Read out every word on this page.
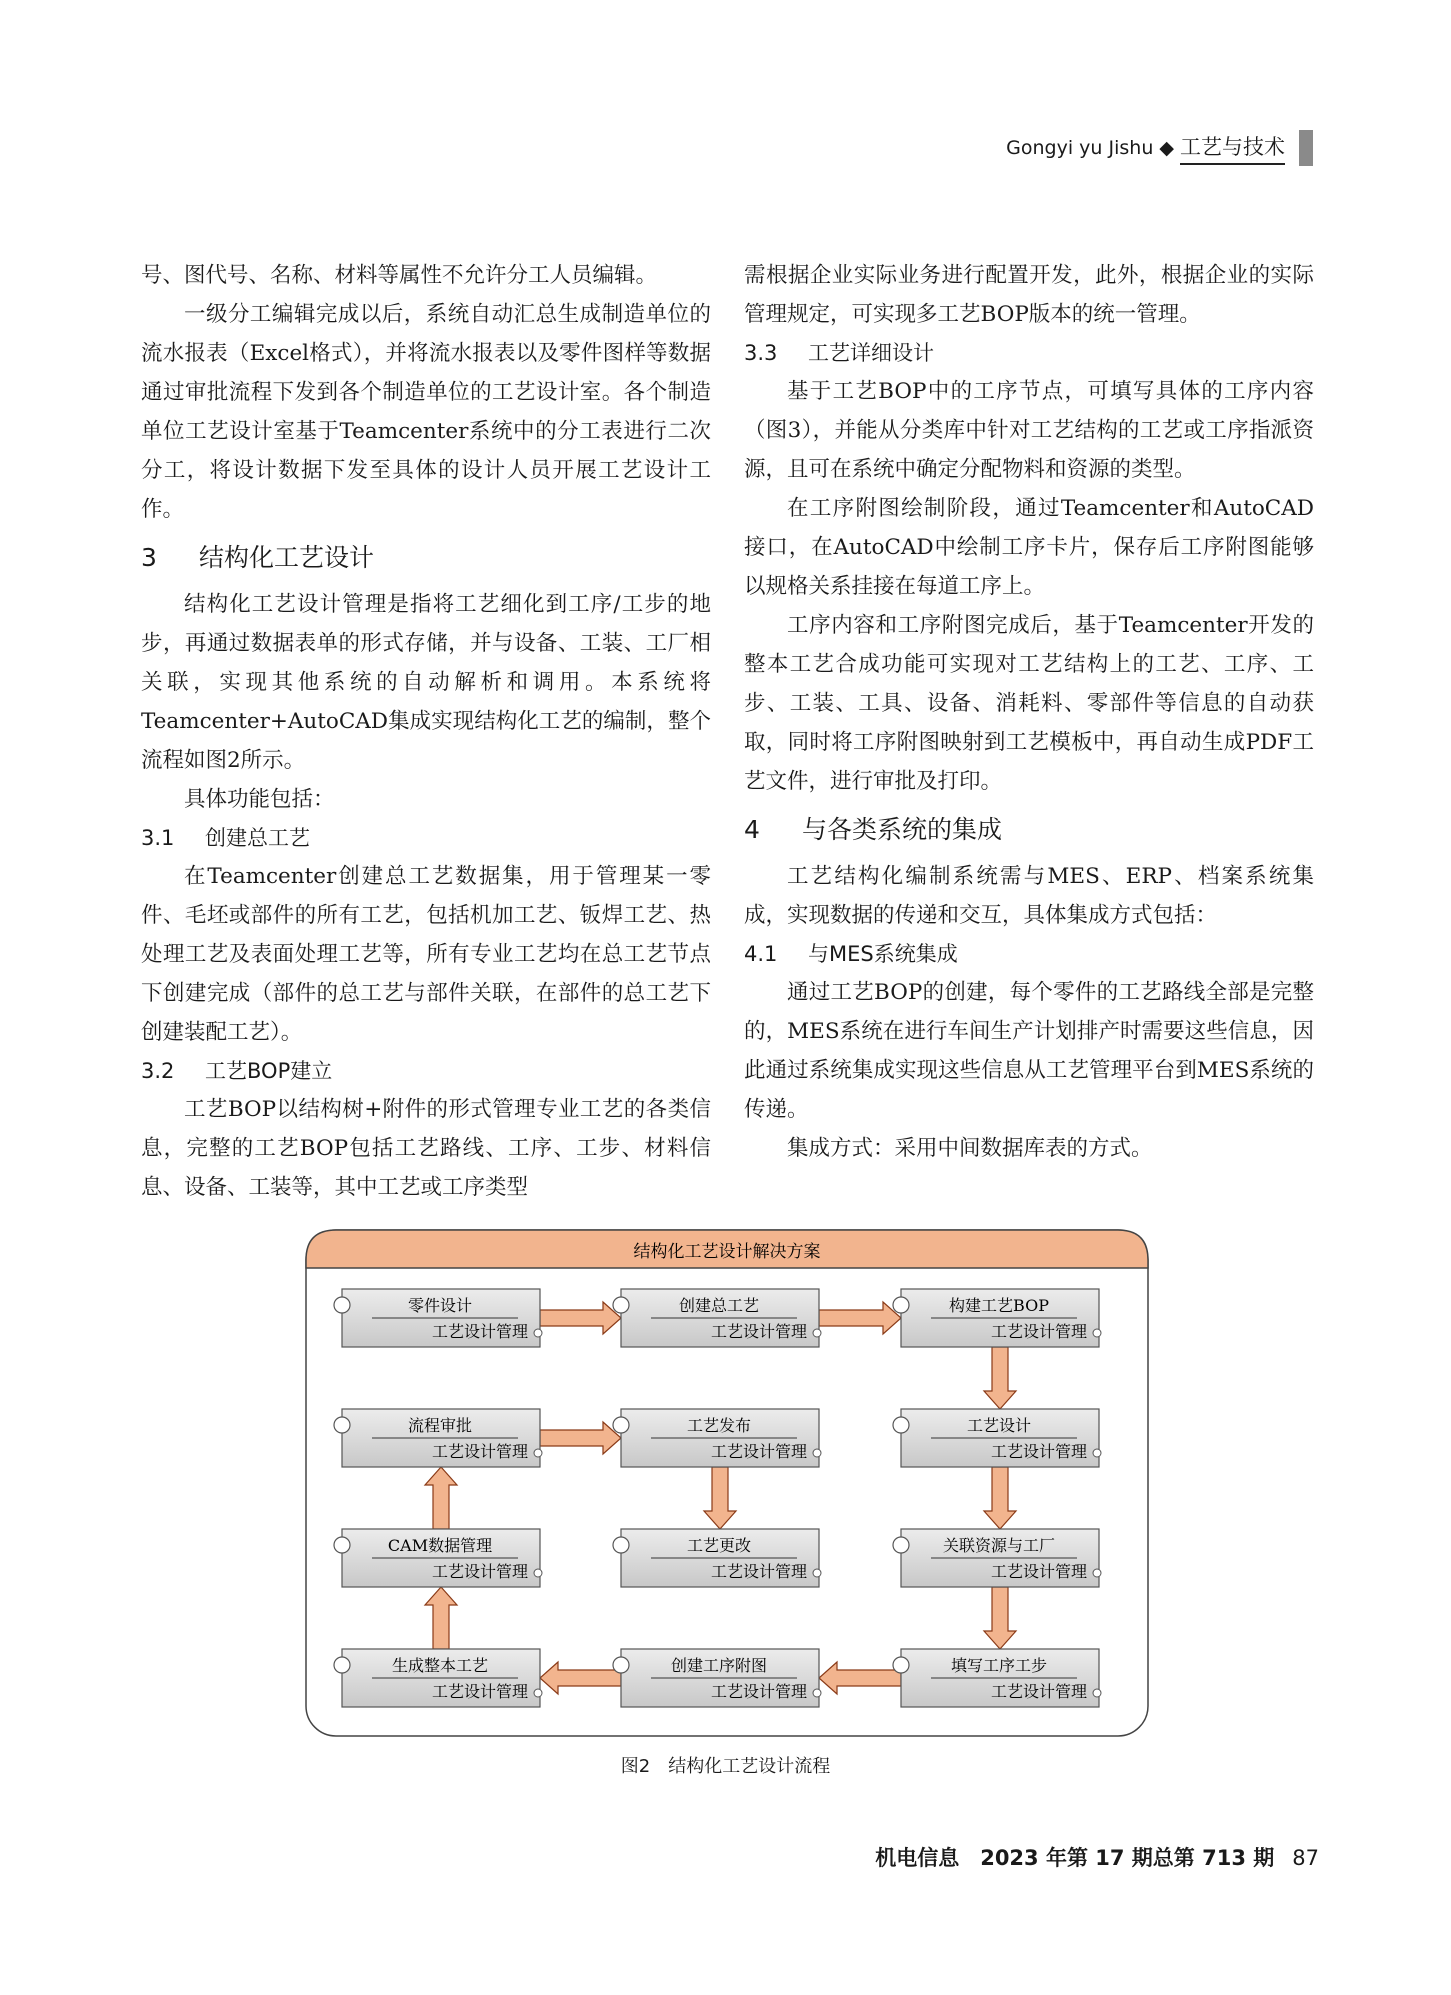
Gongyi yu Jishu ◆ 工艺与技术

号、图代号、名称、材料等属性不允许分工人员编辑。

一级分工编辑完成以后，系统自动汇总生成制造单位的流水报表（Excel格式），并将流水报表以及零件图样等数据通过审批流程下发到各个制造单位的工艺设计室。各个制造单位工艺设计室基于Teamcenter系统中的分工表进行二次分工，将设计数据下发至具体的设计人员开展工艺设计工作。

3 结构化工艺设计

结构化工艺设计管理是指将工艺细化到工序/工步的地步，再通过数据表单的形式存储，并与设备、工装、工厂相关联，实现其他系统的自动解析和调用。本系统将Teamcenter+AutoCAD集成实现结构化工艺的编制，整个流程如图2所示。

具体功能包括：

3.1 创建总工艺

在Teamcenter创建总工艺数据集，用于管理某一零件、毛坯或部件的所有工艺，包括机加工艺、钣焊工艺、热处理工艺及表面处理工艺等，所有专业工艺均在总工艺节点下创建完成（部件的总工艺与部件关联，在部件的总工艺下创建装配工艺）。

3.2 工艺BOP建立

工艺BOP以结构树+附件的形式管理专业工艺的各类信息，完整的工艺BOP包括工艺路线、工序、工步、材料信息、设备、工装等，其中工艺或工序类型

需根据企业实际业务进行配置开发，此外，根据企业的实际管理规定，可实现多工艺BOP版本的统一管理。

3.3 工艺详细设计

基于工艺BOP中的工序节点，可填写具体的工序内容（图3），并能从分类库中针对工艺结构的工艺或工序指派资源，且可在系统中确定分配物料和资源的类型。

在工序附图绘制阶段，通过Teamcenter和AutoCAD接口，在AutoCAD中绘制工序卡片，保存后工序附图能够以规格关系挂接在每道工序上。

工序内容和工序附图完成后，基于Teamcenter开发的整本工艺合成功能可实现对工艺结构上的工艺、工序、工步、工装、工具、设备、消耗料、零部件等信息的自动获取，同时将工序附图映射到工艺模板中，再自动生成PDF工艺文件，进行审批及打印。

4 与各类系统的集成

工艺结构化编制系统需与MES、ERP、档案系统集成，实现数据的传递和交互，具体集成方式包括：

4.1 与MES系统集成

通过工艺BOP的创建，每个零件的工艺路线全部是完整的，MES系统在进行车间生产计划排产时需要这些信息，因此通过系统集成实现这些信息从工艺管理平台到MES系统的传递。

集成方式：采用中间数据库表的方式。

结构化工艺设计解决方案
零件设计
工艺设计管理
创建总工艺
工艺设计管理
构建工艺BOP
工艺设计管理
流程审批
工艺设计管理
工艺发布
工艺设计管理
工艺设计
工艺设计管理
CAM数据管理
工艺设计管理
工艺更改
工艺设计管理
关联资源与工厂
工艺设计管理
生成整本工艺
工艺设计管理
创建工序附图
工艺设计管理
填写工序工步
工艺设计管理
图2　结构化工艺设计流程
机电信息　2023 年第 17 期总第 713 期 87
